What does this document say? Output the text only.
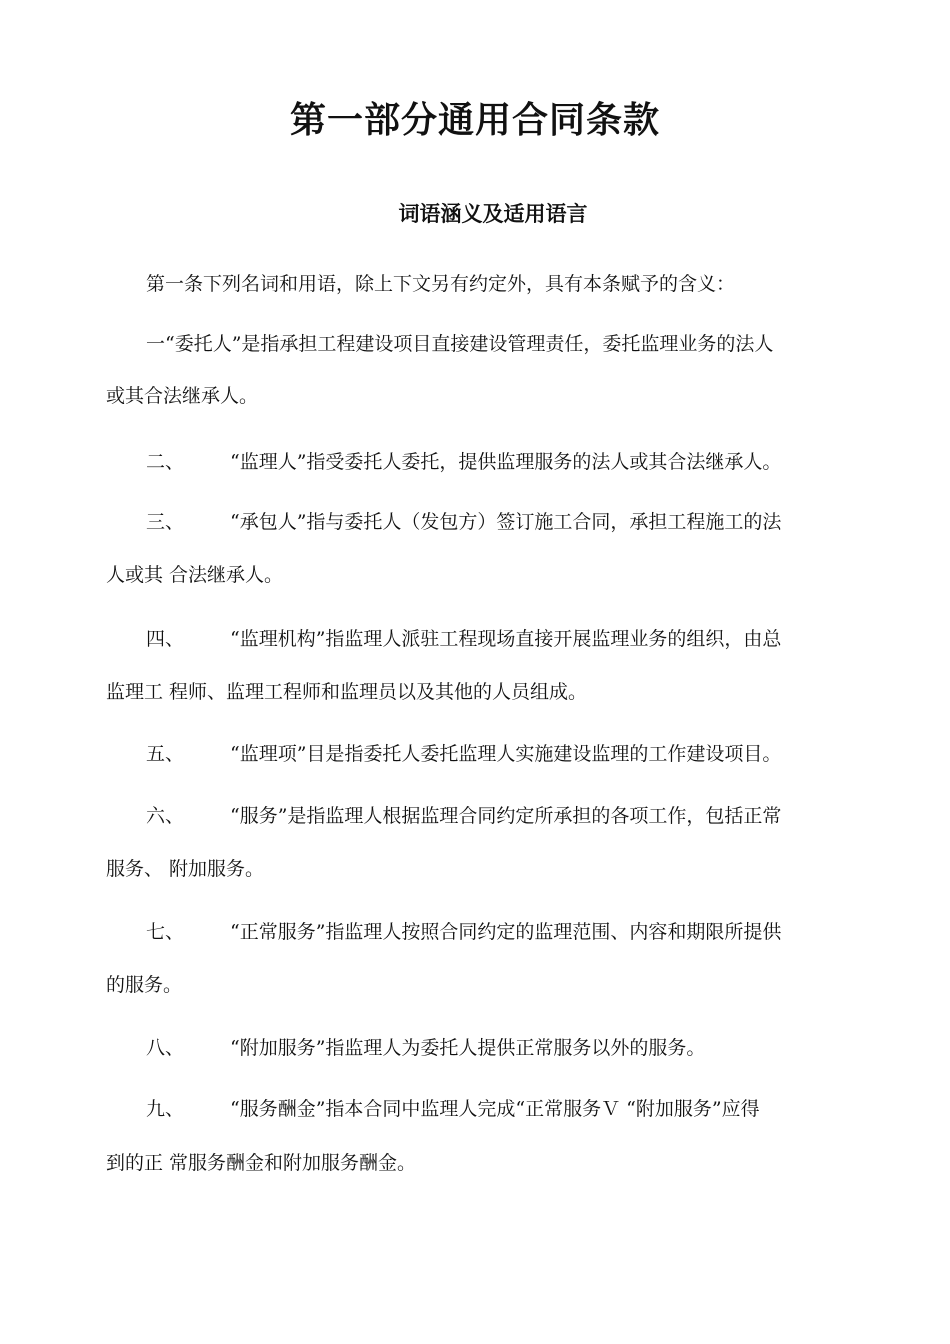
第一部分通用合同条款
词语涵义及适用语言
第一条下列名词和用语，除上下文另有约定外，具有本条赋予的含义：
一“委托人”是指承担工程建设项目直接建设管理责任，委托监理业务的法人
或其合法继承人。
二、 “监理人”指受委托人委托，提供监理服务的法人或其合法继承人。
三、 “承包人”指与委托人（发包方）签订施工合同，承担工程施工的法
人或其 合法继承人。
四、 “监理机构”指监理人派驻工程现场直接开展监理业务的组织，由总
监理工 程师、监理工程师和监理员以及其他的人员组成。
五、 “监理项”目是指委托人委托监理人实施建设监理的工作建设项目。
六、 “服务”是指监理人根据监理合同约定所承担的各项工作，包括正常
服务、 附加服务。
七、 “正常服务”指监理人按照合同约定的监理范围、内容和期限所提供
的服务。
八、 “附加服务”指监理人为委托人提供正常服务以外的服务。
九、 “服务酬金”指本合同中监理人完成“正常服务Ｖ “附加服务”应得
到的正 常服务酬金和附加服务酬金。
